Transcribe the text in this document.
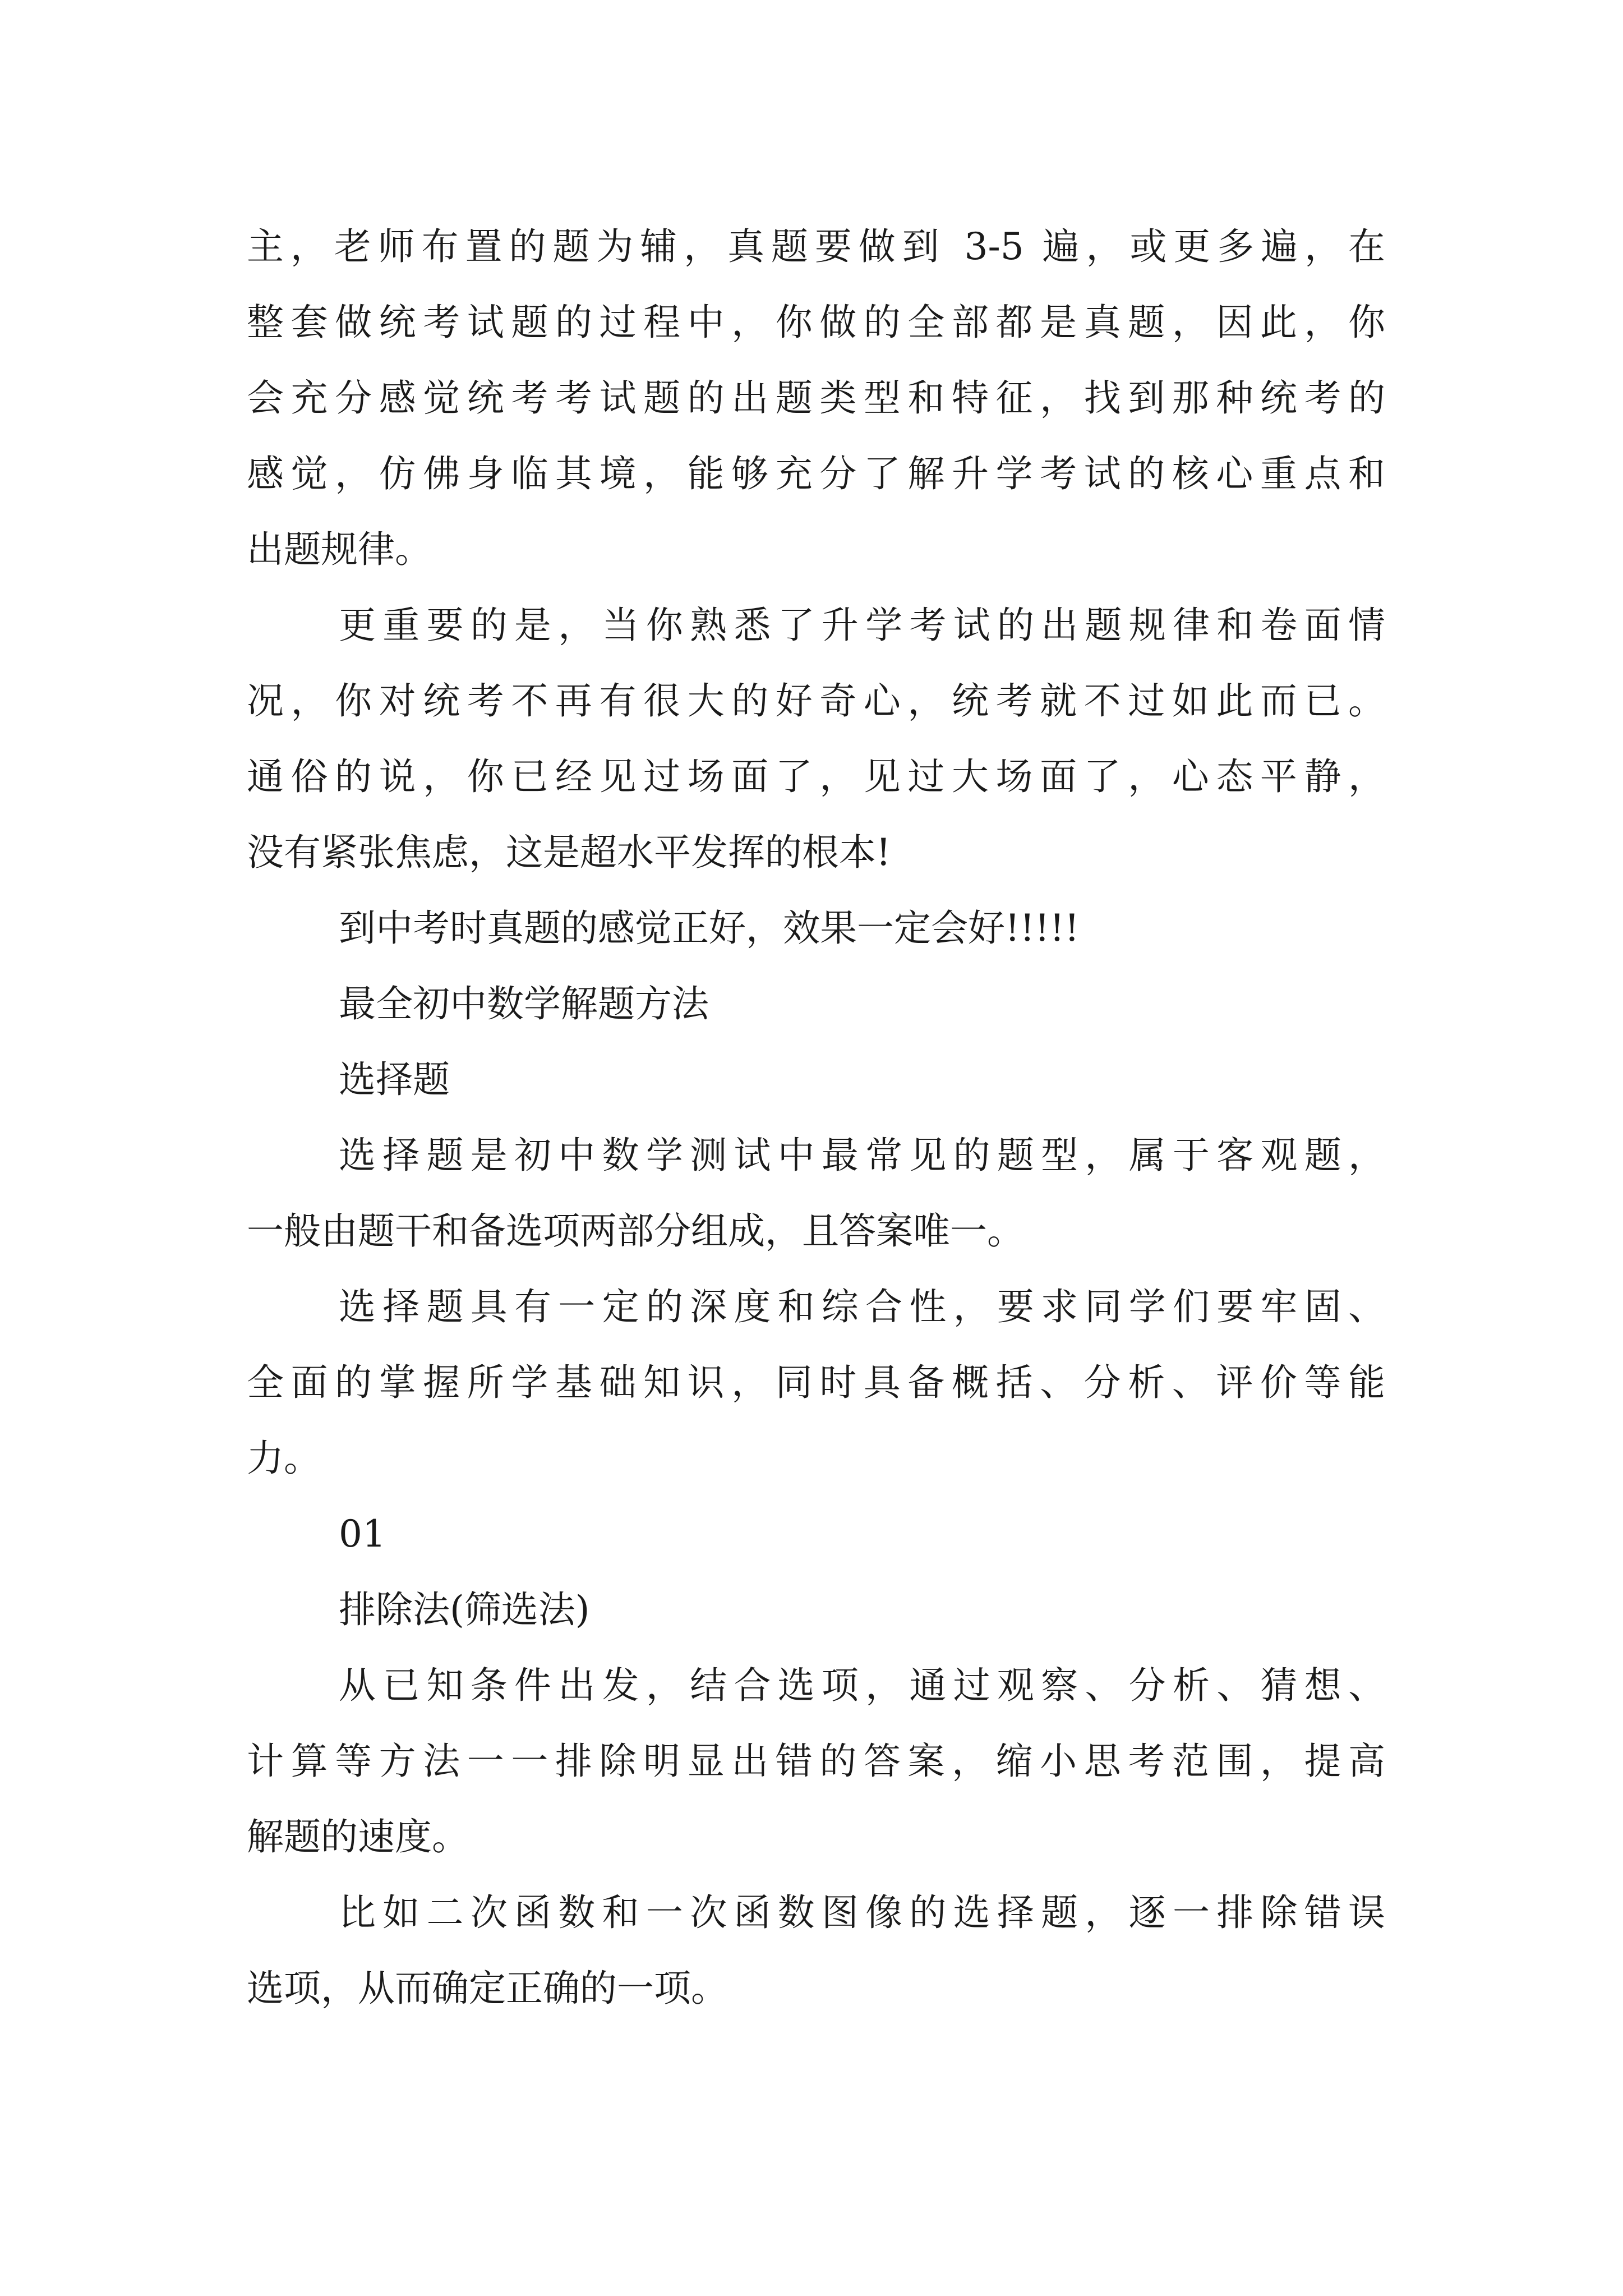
主，老师布置的题为辅，真题要做到 3-5 遍，或更多遍，在
整套做统考试题的过程中，你做的全部都是真题，因此，你
会充分感觉统考考试题的出题类型和特征，找到那种统考的
感觉，仿佛身临其境，能够充分了解升学考试的核心重点和
出题规律。
更重要的是，当你熟悉了升学考试的出题规律和卷面情
况，你对统考不再有很大的好奇心，统考就不过如此而已。
通俗的说，你已经见过场面了，见过大场面了，心态平静，
没有紧张焦虑，这是超水平发挥的根本!
到中考时真题的感觉正好，效果一定会好!!!!!
最全初中数学解题方法
选择题
选择题是初中数学测试中最常见的题型，属于客观题，
一般由题干和备选项两部分组成，且答案唯一。
选择题具有一定的深度和综合性，要求同学们要牢固、
全面的掌握所学基础知识，同时具备概括、分析、评价等能
力。
01
排除法(筛选法)
从已知条件出发，结合选项，通过观察、分析、猜想、
计算等方法一一排除明显出错的答案，缩小思考范围，提高
解题的速度。
比如二次函数和一次函数图像的选择题，逐一排除错误
选项，从而确定正确的一项。
